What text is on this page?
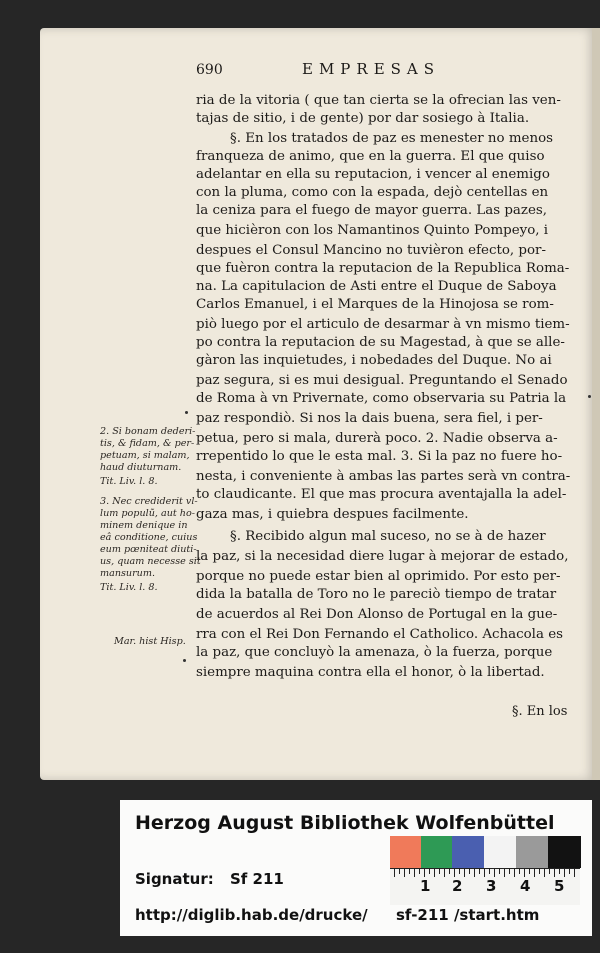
690	EMPRESAS
ria de la vitoria ( que tan cierta se la ofrecian las ven-
tajas de sitio, i de gente) por dar sosiego à Italia.
§. En los tratados de paz es menester no menos
franqueza de animo, que en la guerra. El que quiso
adelantar en ella su reputacion, i vencer al enemigo
con la pluma, como con la espada, dejò centellas en
la ceniza para el fuego de mayor guerra. Las pazes,
que hicièron con los Namantinos Quinto Pompeyo, i
despues el Consul Mancino no tuvièron efecto, por-
que fuèron contra la reputacion de la Republica Roma-
na. La capitulacion de Asti entre el Duque de Saboya
Carlos Emanuel, i el Marques de la Hinojosa se rom-
piò luego por el articulo de desarmar à vn mismo tiem-
po contra la reputacion de su Magestad, à que se alle-
gàron las inquietudes, i nobedades del Duque. No ai
paz segura, si es mui desigual. Preguntando el Senado
de Roma à vn Privernate, como observaria su Patria la
paz respondiò. Si nos la dais buena, sera fiel, i per-
petua, pero si mala, durerà poco. 2. Nadie observa a-
rrepentido lo que le esta mal. 3. Si la paz no fuere ho-
nesta, i conveniente à ambas las partes serà vn contra-
to claudicante. El que mas procura aventajalla la adel-
gaza mas, i quiebra despues facilmente.
§. Recibido algun mal suceso, no se à de hazer
la paz, si la necesidad diere lugar à mejorar de estado,
porque no puede estar bien al oprimido. Por esto per-
dida la batalla de Toro no le pareciò tiempo de tratar
de acuerdos al Rei Don Alonso de Portugal en la gue-
rra con el Rei Don Fernando el Catholico. Achacola es
la paz, que concluyò la amenaza, ò la fuerza, porque
siempre maquina contra ella el honor, ò la libertad.
2. Si bonam dederi-
tis, & fidam, & per-
petuam, si malam,
haud diuturnam.
Tit. Liv. l. 8.
3. Nec crediderit vl-
lum populũ, aut ho-
minem denique in
eâ conditione, cuius
eum pœniteat diuti-
us, quam necesse sit
mansurum.
Tit. Liv. l. 8.
Mar. hist Hisp.
§. En los
Herzog August Bibliothek Wolfenbüttel
1 2 3 4 5
Signatur: Sf 211
http://diglib.hab.de/drucke/ sf-211 /start.htm
